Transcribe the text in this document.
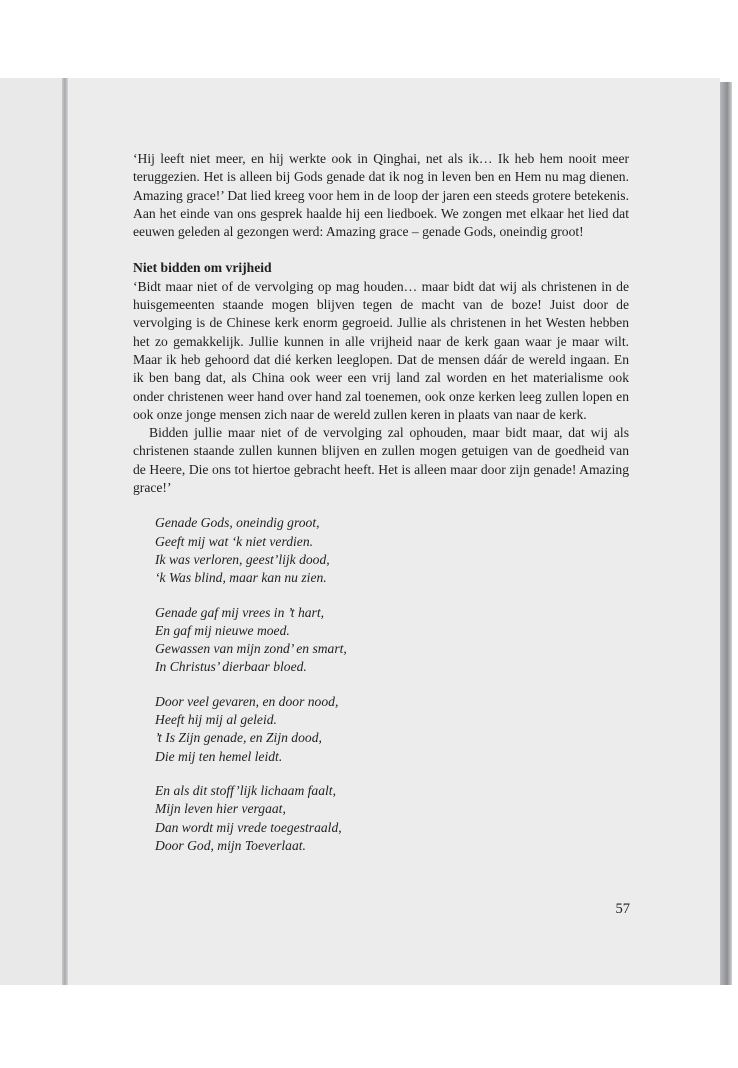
‘Hij leeft niet meer, en hij werkte ook in Qinghai, net als ik… Ik heb hem nooit meer teruggezien. Het is alleen bij Gods genade dat ik nog in leven ben en Hem nu mag dienen. Amazing grace!’ Dat lied kreeg voor hem in de loop der jaren een steeds grotere betekenis. Aan het einde van ons gesprek haalde hij een liedboek. We zongen met elkaar het lied dat eeuwen geleden al gezongen werd: Amazing grace – genade Gods, oneindig groot!

Niet bidden om vrijheid

‘Bidt maar niet of de vervolging op mag houden… maar bidt dat wij als christenen in de huisgemeenten staande mogen blijven tegen de macht van de boze! Juist door de vervolging is de Chinese kerk enorm gegroeid. Jullie als christenen in het Westen hebben het zo gemakkelijk. Jullie kunnen in alle vrijheid naar de kerk gaan waar je maar wilt. Maar ik heb gehoord dat dié kerken leeglopen. Dat de mensen dáár de wereld ingaan. En ik ben bang dat, als China ook weer een vrij land zal worden en het materialisme ook onder christenen weer hand over hand zal toenemen, ook onze kerken leeg zullen lopen en ook onze jonge mensen zich naar de wereld zullen keren in plaats van naar de kerk.

Bidden jullie maar niet of de vervolging zal ophouden, maar bidt maar, dat wij als christenen staande zullen kunnen blijven en zullen mogen getuigen van de goedheid van de Heere, Die ons tot hiertoe gebracht heeft. Het is alleen maar door zijn genade! Amazing grace!’

Genade Gods, oneindig groot,
Geeft mij wat ‘k niet verdien.
Ik was verloren, geest’lijk dood,
‘k Was blind, maar kan nu zien.
Genade gaf mij vrees in ’t hart,
En gaf mij nieuwe moed.
Gewassen van mijn zond’ en smart,
In Christus’ dierbaar bloed.
Door veel gevaren, en door nood,
Heeft hij mij al geleid.
’t Is Zijn genade, en Zijn dood,
Die mij ten hemel leidt.
En als dit stoff’lijk lichaam faalt,
Mijn leven hier vergaat,
Dan wordt mij vrede toegestraald,
Door God, mijn Toeverlaat.
57
